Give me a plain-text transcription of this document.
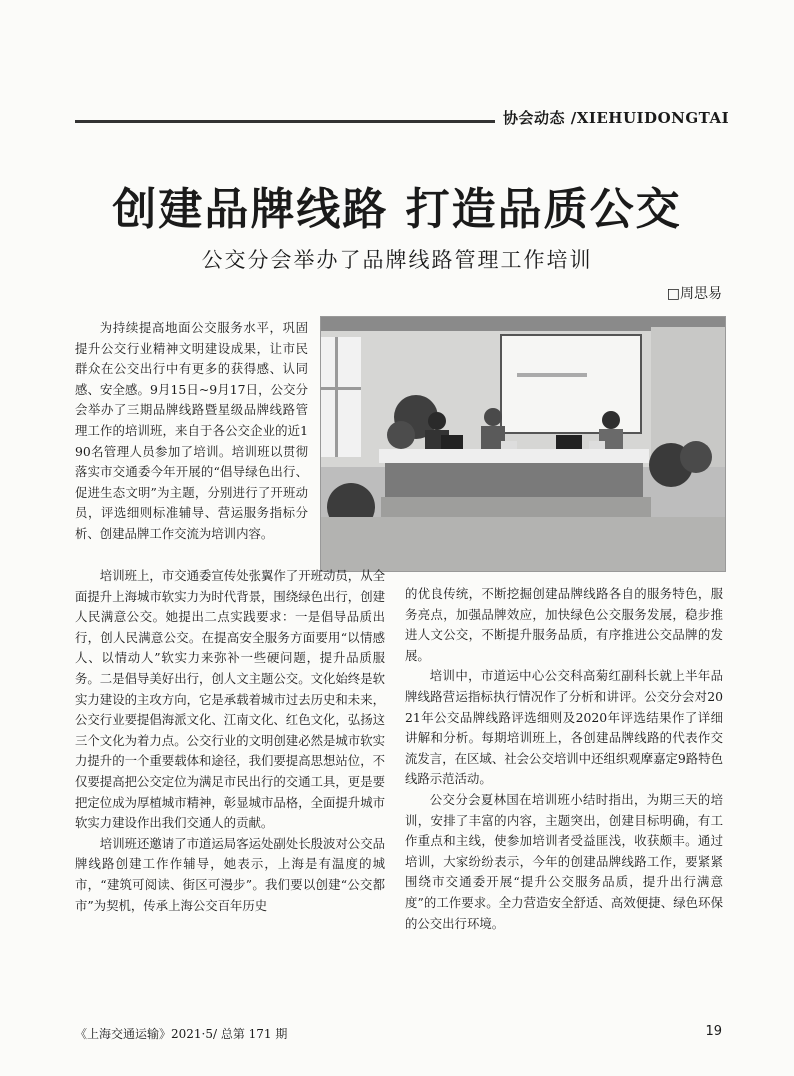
协会动态 /XIEHUIDONGTAI
创建品牌线路 打造品质公交
公交分会举办了品牌线路管理工作培训
□周思易

为持续提高地面公交服务水平，巩固提升公交行业精神文明建设成果，让市民群众在公交出行中有更多的获得感、认同感、安全感。9月15日~9月17日，公交分会举办了三期品牌线路暨星级品牌线路管理工作的培训班，来自于各公交企业的近190名管理人员参加了培训。培训班以贯彻落实市交通委今年开展的“倡导绿色出行、促进生态文明”为主题，分别进行了开班动员，评选细则标准辅导、营运服务指标分析、创建品牌工作交流为培训内容。

培训班上，市交通委宣传处张翼作了开班动员，从全面提升上海城市软实力为时代背景，围绕绿色出行，创建人民满意公交。她提出二点实践要求：一是倡导品质出行，创人民满意公交。在提高安全服务方面要用“以情感人、以情动人”软实力来弥补一些硬问题，提升品质服务。二是倡导美好出行，创人文主题公交。文化始终是软实力建设的主攻方向，它是承载着城市过去历史和未来，公交行业要提倡海派文化、江南文化、红色文化，弘扬这三个文化为着力点。公交行业的文明创建必然是城市软实力提升的一个重要载体和途径，我们要提高思想站位，不仅要提高把公交定位为满足市民出行的交通工具，更是要把定位成为厚植城市精神，彰显城市品格，全面提升城市软实力建设作出我们交通人的贡献。

培训班还邀请了市道运局客运处副处长殷波对公交品牌线路创建工作作辅导，她表示，上海是有温度的城市，“建筑可阅读、街区可漫步”。我们要以创建“公交都市”为契机，传承上海公交百年历史

的优良传统，不断挖掘创建品牌线路各自的服务特色，服务亮点，加强品牌效应，加快绿色公交服务发展，稳步推进人文公交，不断提升服务品质，有序推进公交品牌的发展。

培训中，市道运中心公交科高菊红副科长就上半年品牌线路营运指标执行情况作了分析和讲评。公交分会对2021年公交品牌线路评选细则及2020年评选结果作了详细讲解和分析。每期培训班上，各创建品牌线路的代表作交流发言，在区域、社会公交培训中还组织观摩嘉定9路特色线路示范活动。

公交分会夏林国在培训班小结时指出，为期三天的培训，安排了丰富的内容，主题突出，创建目标明确，有工作重点和主线，使参加培训者受益匪浅，收获颇丰。通过培训，大家纷纷表示，今年的创建品牌线路工作，要紧紧围绕市交通委开展“提升公交服务品质，提升出行满意度”的工作要求。全力营造安全舒适、高效便捷、绿色环保的公交出行环境。

《上海交通运输》2021·5/ 总第 171 期	19
